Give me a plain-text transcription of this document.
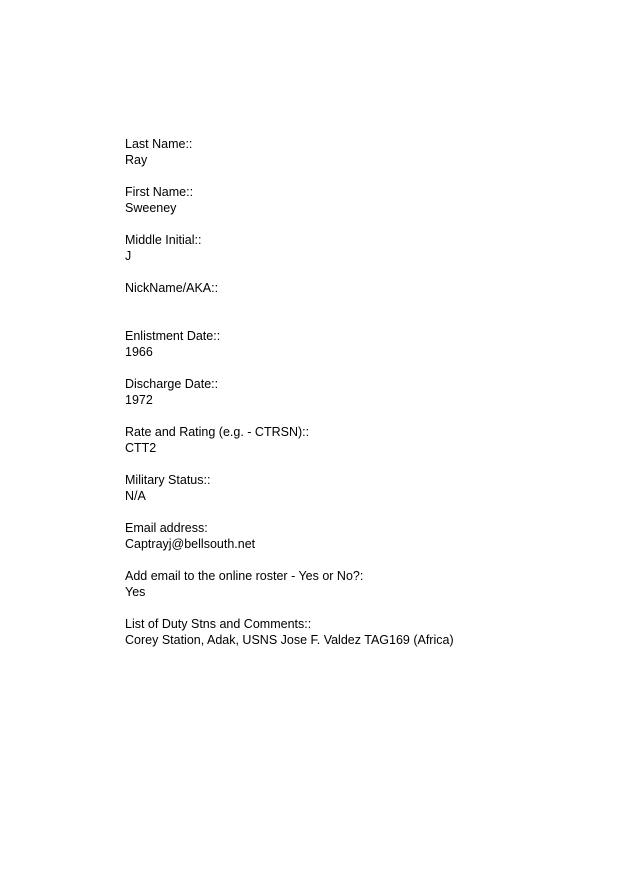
Last Name::
Ray
First Name::
Sweeney
Middle Initial::
J
NickName/AKA::
Enlistment Date::
1966
Discharge Date::
1972
Rate and Rating (e.g. - CTRSN)::
CTT2
Military Status::
N/A
Email address:
Captrayj@bellsouth.net
Add email to the online roster - Yes or No?:
Yes
List of Duty Stns and Comments::
Corey Station, Adak, USNS Jose F. Valdez TAG169 (Africa)
